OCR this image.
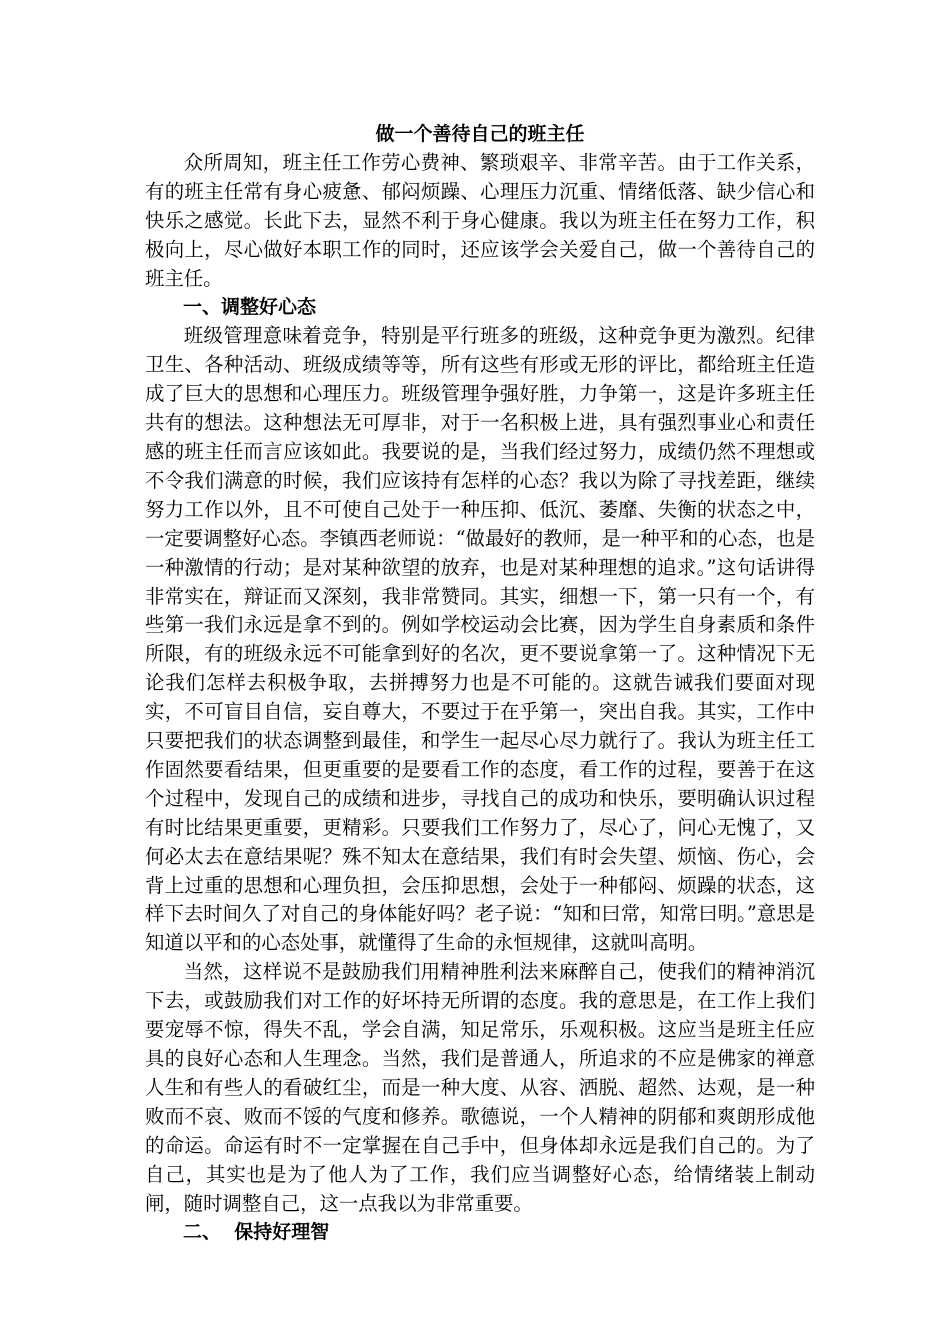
做一个善待自己的班主任

众所周知，班主任工作劳心费神、繁琐艰辛、非常辛苦。由于工作关系，有的班主任常有身心疲惫、郁闷烦躁、心理压力沉重、情绪低落、缺少信心和快乐之感觉。长此下去，显然不利于身心健康。我以为班主任在努力工作，积极向上，尽心做好本职工作的同时，还应该学会关爱自己，做一个善待自己的班主任。

一、调整好心态

班级管理意味着竞争，特别是平行班多的班级，这种竞争更为激烈。纪律卫生、各种活动、班级成绩等等，所有这些有形或无形的评比，都给班主任造成了巨大的思想和心理压力。班级管理争强好胜，力争第一，这是许多班主任共有的想法。这种想法无可厚非，对于一名积极上进，具有强烈事业心和责任感的班主任而言应该如此。我要说的是，当我们经过努力，成绩仍然不理想或不令我们满意的时候，我们应该持有怎样的心态？我以为除了寻找差距，继续努力工作以外，且不可使自己处于一种压抑、低沉、萎靡、失衡的状态之中，一定要调整好心态。李镇西老师说：“做最好的教师，是一种平和的心态，也是一种激情的行动；是对某种欲望的放弃，也是对某种理想的追求。”这句话讲得非常实在，辩证而又深刻，我非常赞同。其实，细想一下，第一只有一个，有些第一我们永远是拿不到的。例如学校运动会比赛，因为学生自身素质和条件所限，有的班级永远不可能拿到好的名次，更不要说拿第一了。这种情况下无论我们怎样去积极争取，去拼搏努力也是不可能的。这就告诫我们要面对现实，不可盲目自信，妄自尊大，不要过于在乎第一，突出自我。其实，工作中只要把我们的状态调整到最佳，和学生一起尽心尽力就行了。我认为班主任工作固然要看结果，但更重要的是要看工作的态度，看工作的过程，要善于在这个过程中，发现自己的成绩和进步，寻找自己的成功和快乐，要明确认识过程有时比结果更重要，更精彩。只要我们工作努力了，尽心了，问心无愧了，又何必太去在意结果呢？殊不知太在意结果，我们有时会失望、烦恼、伤心，会背上过重的思想和心理负担，会压抑思想，会处于一种郁闷、烦躁的状态，这样下去时间久了对自己的身体能好吗？老子说：“知和曰常，知常曰明。”意思是知道以平和的心态处事，就懂得了生命的永恒规律，这就叫高明。

当然，这样说不是鼓励我们用精神胜利法来麻醉自己，使我们的精神消沉下去，或鼓励我们对工作的好坏持无所谓的态度。我的意思是，在工作上我们要宠辱不惊，得失不乱，学会自满，知足常乐，乐观积极。这应当是班主任应具的良好心态和人生理念。当然，我们是普通人，所追求的不应是佛家的禅意人生和有些人的看破红尘，而是一种大度、从容、洒脱、超然、达观，是一种败而不哀、败而不馁的气度和修养。歌德说，一个人精神的阴郁和爽朗形成他的命运。命运有时不一定掌握在自己手中，但身体却永远是我们自己的。为了自己，其实也是为了他人为了工作，我们应当调整好心态，给情绪装上制动闸，随时调整自己，这一点我以为非常重要。

二、  保持好理智
